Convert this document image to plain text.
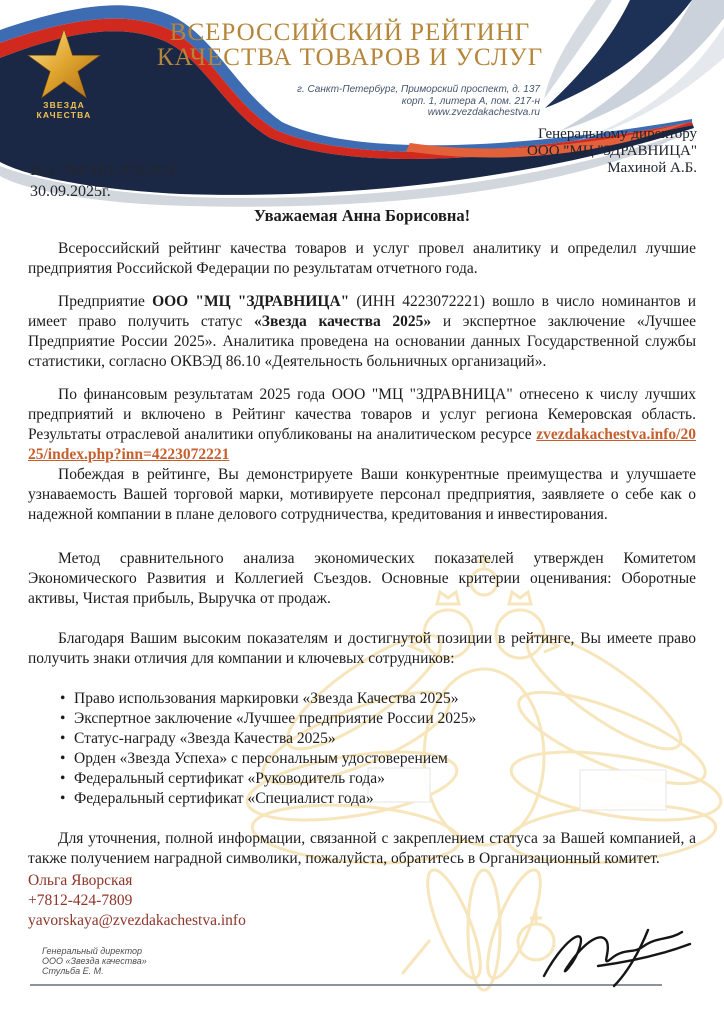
ЗВЕЗДА
КАЧЕСТВА
ВСЕРОССИЙСКИЙ РЕЙТИНГ
КАЧЕСТВА ТОВАРОВ И УСЛУГ
г. Санкт-Петербург, Приморский проспект, д. 137
корп. 1, литера А, пом. 217-н
www.zvezdakachestva.ru
Генеральному директору
ООО "МЦ "ЗДРАВНИЦА"
Махиной А.Б.
Исх. №РЗВ1-0762921
30.09.2025г.

Уважаемая Анна Борисовна!

Всероссийский рейтинг качества товаров и услуг провел аналитику и определил лучшие предприятия Российской Федерации по результатам отчетного года.

Предприятие ООО "МЦ "ЗДРАВНИЦА" (ИНН 4223072221) вошло в число номинантов и имеет право получить статус «Звезда качества 2025» и экспертное заключение «Лучшее Предприятие России 2025». Аналитика проведена на основании данных Государственной службы статистики, согласно ОКВЭД 86.10 «Деятельность больничных организаций».

По финансовым результатам 2025 года ООО "МЦ "ЗДРАВНИЦА" отнесено к числу лучших предприятий и включено в Рейтинг качества товаров и услуг региона Кемеровская область. Результаты отраслевой аналитики опубликованы на аналитическом ресурсе zvezdakachestva.info/2025/index.php?inn=4223072221

Побеждая в рейтинге, Вы демонстрируете Ваши конкурентные преимущества и улучшаете узнаваемость Вашей торговой марки, мотивируете персонал предприятия, заявляете о себе как о надежной компании в плане делового сотрудничества, кредитования и инвестирования.

Метод сравнительного анализа экономических показателей утвержден Комитетом Экономического Развития и Коллегией Съездов. Основные критерии оценивания: Оборотные активы, Чистая прибыль, Выручка от продаж.

Благодаря Вашим высоким показателям и достигнутой позиции в рейтинге, Вы имеете право получить знаки отличия для компании и ключевых сотрудников:

• Право использования маркировки «Звезда Качества 2025»
• Экспертное заключение «Лучшее предприятие России 2025»
• Статус-награду «Звезда Качества 2025»
• Орден «Звезда Успеха» с персональным удостоверением
• Федеральный сертификат «Руководитель года»
• Федеральный сертификат «Специалист года»

Для уточнения, полной информации, связанной с закреплением статуса за Вашей компанией, а также получением наградной символики, пожалуйста, обратитесь в Организационный комитет.

Ольга Яворская
+7812-424-7809
yavorskaya@zvezdakachestva.info
Генеральный директор
ООО «Звезда качества»
Стульба Е. М.
